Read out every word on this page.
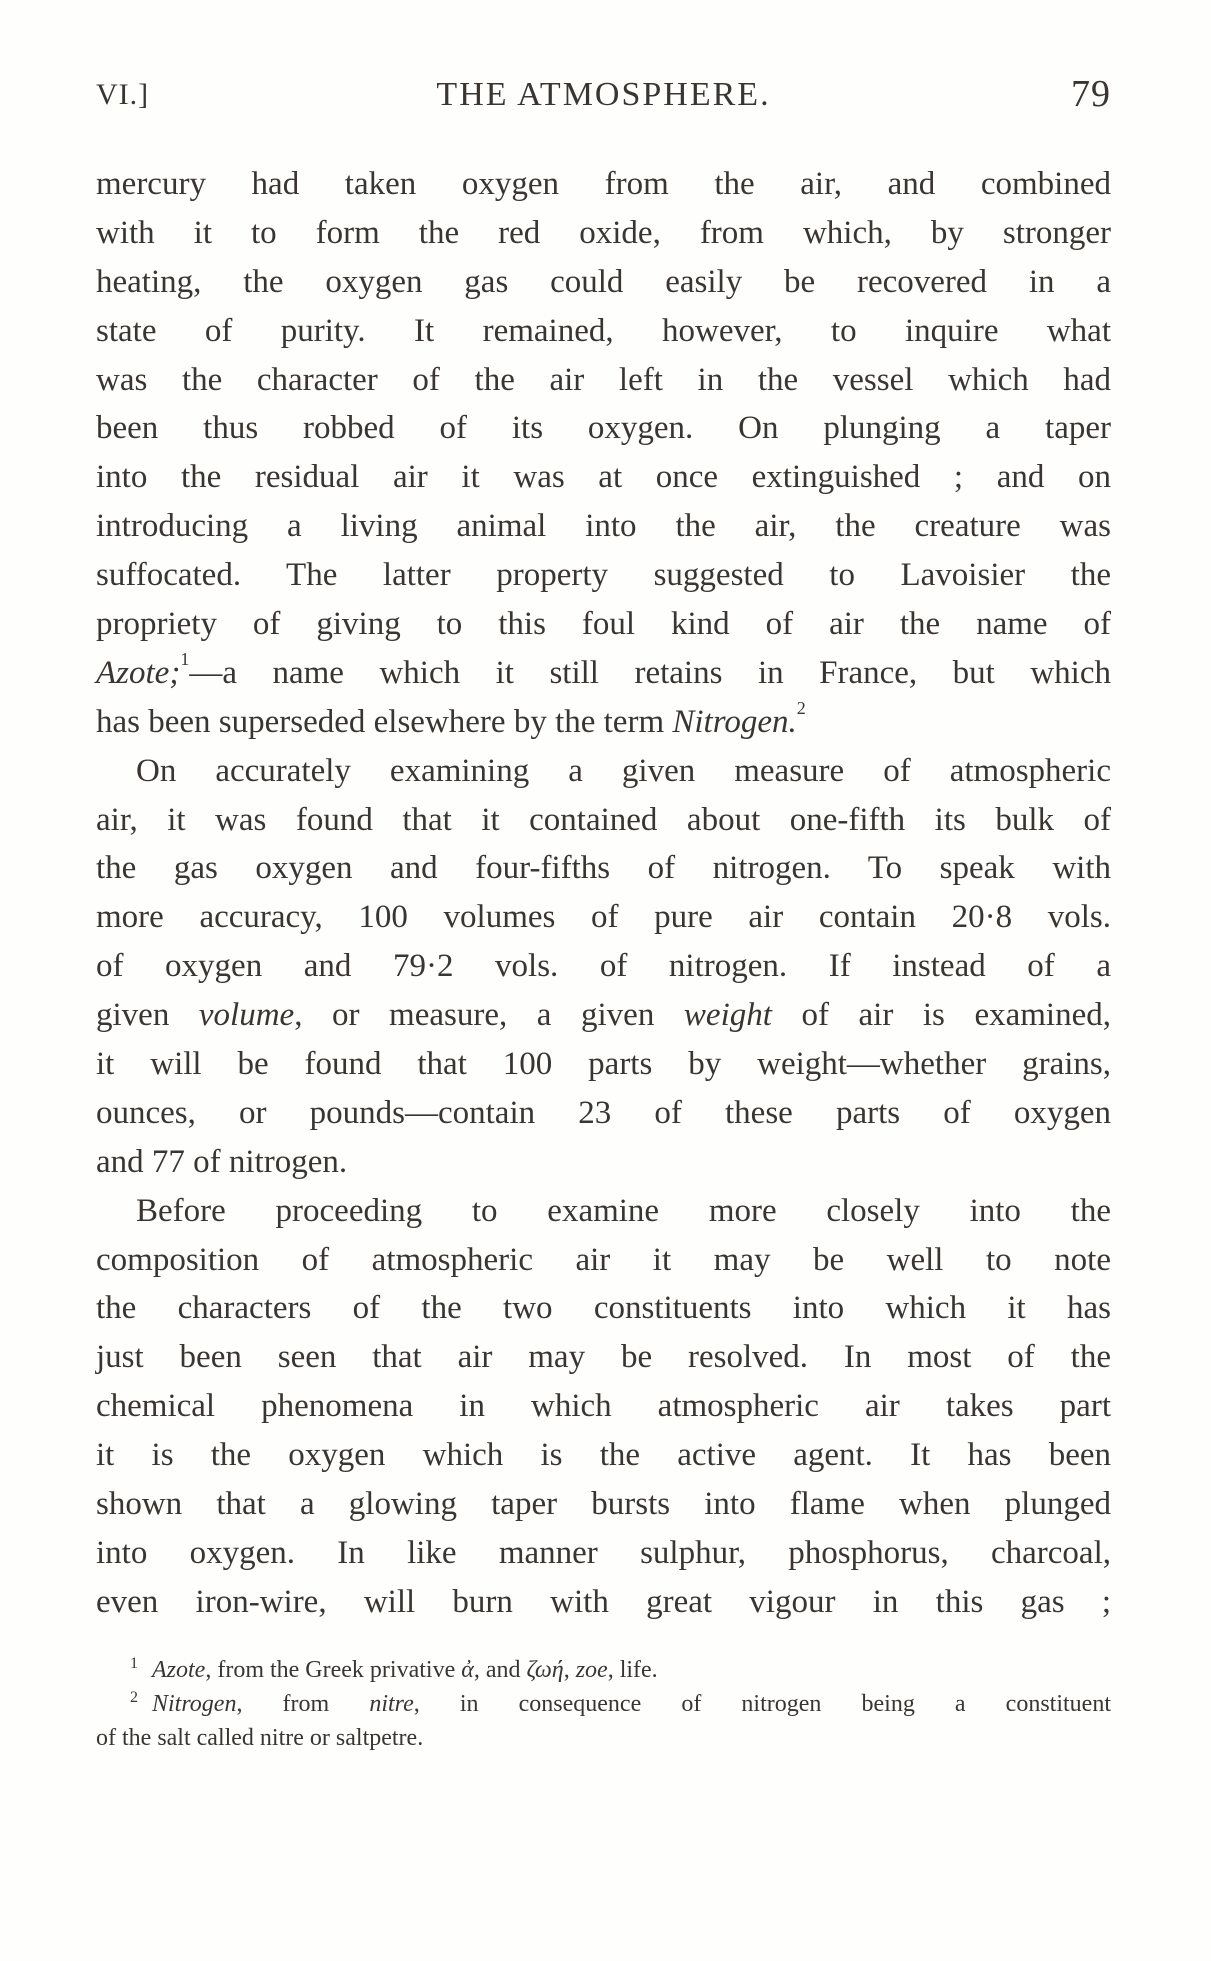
VI.]	THE ATMOSPHERE.	79
mercury had taken oxygen from the air, and combined
with it to form the red oxide, from which, by stronger
heating, the oxygen gas could easily be recovered in a
state of purity. It remained, however, to inquire what
was the character of the air left in the vessel which had
been thus robbed of its oxygen. On plunging a taper
into the residual air it was at once extinguished ; and on
introducing a living animal into the air, the creature was
suffocated. The latter property suggested to Lavoisier the
propriety of giving to this foul kind of air the name of
Azote;$^1$—a name which it still retains in France, but which
has been superseded elsewhere by the term Nitrogen.$^2$
On accurately examining a given measure of atmospheric
air, it was found that it contained about one-fifth its bulk of
the gas oxygen and four-fifths of nitrogen. To speak with
more accuracy, 100 volumes of pure air contain 20·8 vols.
of oxygen and 79·2 vols. of nitrogen. If instead of a
given volume, or measure, a given weight of air is examined,
it will be found that 100 parts by weight—whether grains,
ounces, or pounds—contain 23 of these parts of oxygen
and 77 of nitrogen.
Before proceeding to examine more closely into the
composition of atmospheric air it may be well to note
the characters of the two constituents into which it has
just been seen that air may be resolved. In most of the
chemical phenomena in which atmospheric air takes part
it is the oxygen which is the active agent. It has been
shown that a glowing taper bursts into flame when plunged
into oxygen. In like manner sulphur, phosphorus, charcoal,
even iron-wire, will burn with great vigour in this gas ;
$^1$ Azote, from the Greek privative ἀ, and ζωή, zoe, life.
$^2$ Nitrogen, from nitre, in consequence of nitrogen being a constituent
of the salt called nitre or saltpetre.
